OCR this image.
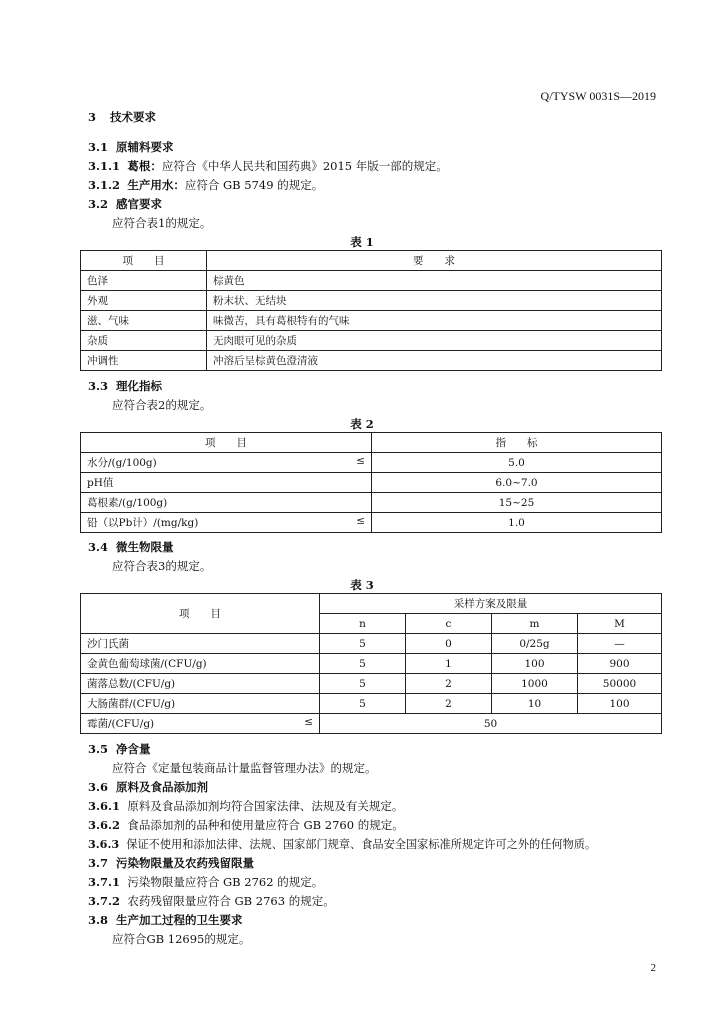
Q/TYSW 0031S—2019
3 技术要求
3.1 原辅料要求
3.1.1 葛根：应符合《中华人民共和国药典》2015 年版一部的规定。
3.1.2 生产用水：应符合 GB 5749 的规定。
3.2 感官要求
应符合表1的规定。
表 1
项　　目	要　　求
色泽	棕黄色
外观	粉末状、无结块
滋、气味	味微苦，具有葛根特有的气味
杂质	无肉眼可见的杂质
冲调性	冲溶后呈棕黄色澄清液
3.3 理化指标
应符合表2的规定。
表 2
项　　目	指　　标
水分/(g/100g) ≤	5.0
pH值	6.0~7.0
葛根素/(g/100g)	15~25
铅（以Pb计）/(mg/kg) ≤	1.0
3.4 微生物限量
应符合表3的规定。
表 3
项　　目	采样方案及限量			
	n	c	m	M
沙门氏菌	5	0	0/25g	—
金黄色葡萄球菌/(CFU/g)	5	1	100	900
菌落总数/(CFU/g)	5	2	1000	50000
大肠菌群/(CFU/g)	5	2	10	100
霉菌/(CFU/g) ≤	50			
3.5 净含量
应符合《定量包装商品计量监督管理办法》的规定。
3.6 原料及食品添加剂
3.6.1 原料及食品添加剂均符合国家法律、法规及有关规定。
3.6.2 食品添加剂的品种和使用量应符合 GB 2760 的规定。
3.6.3 保证不使用和添加法律、法规、国家部门规章、食品安全国家标准所规定许可之外的任何物质。
3.7 污染物限量及农药残留限量
3.7.1 污染物限量应符合 GB 2762 的规定。
3.7.2 农药残留限量应符合 GB 2763 的规定。
3.8 生产加工过程的卫生要求
应符合GB 12695的规定。
2
